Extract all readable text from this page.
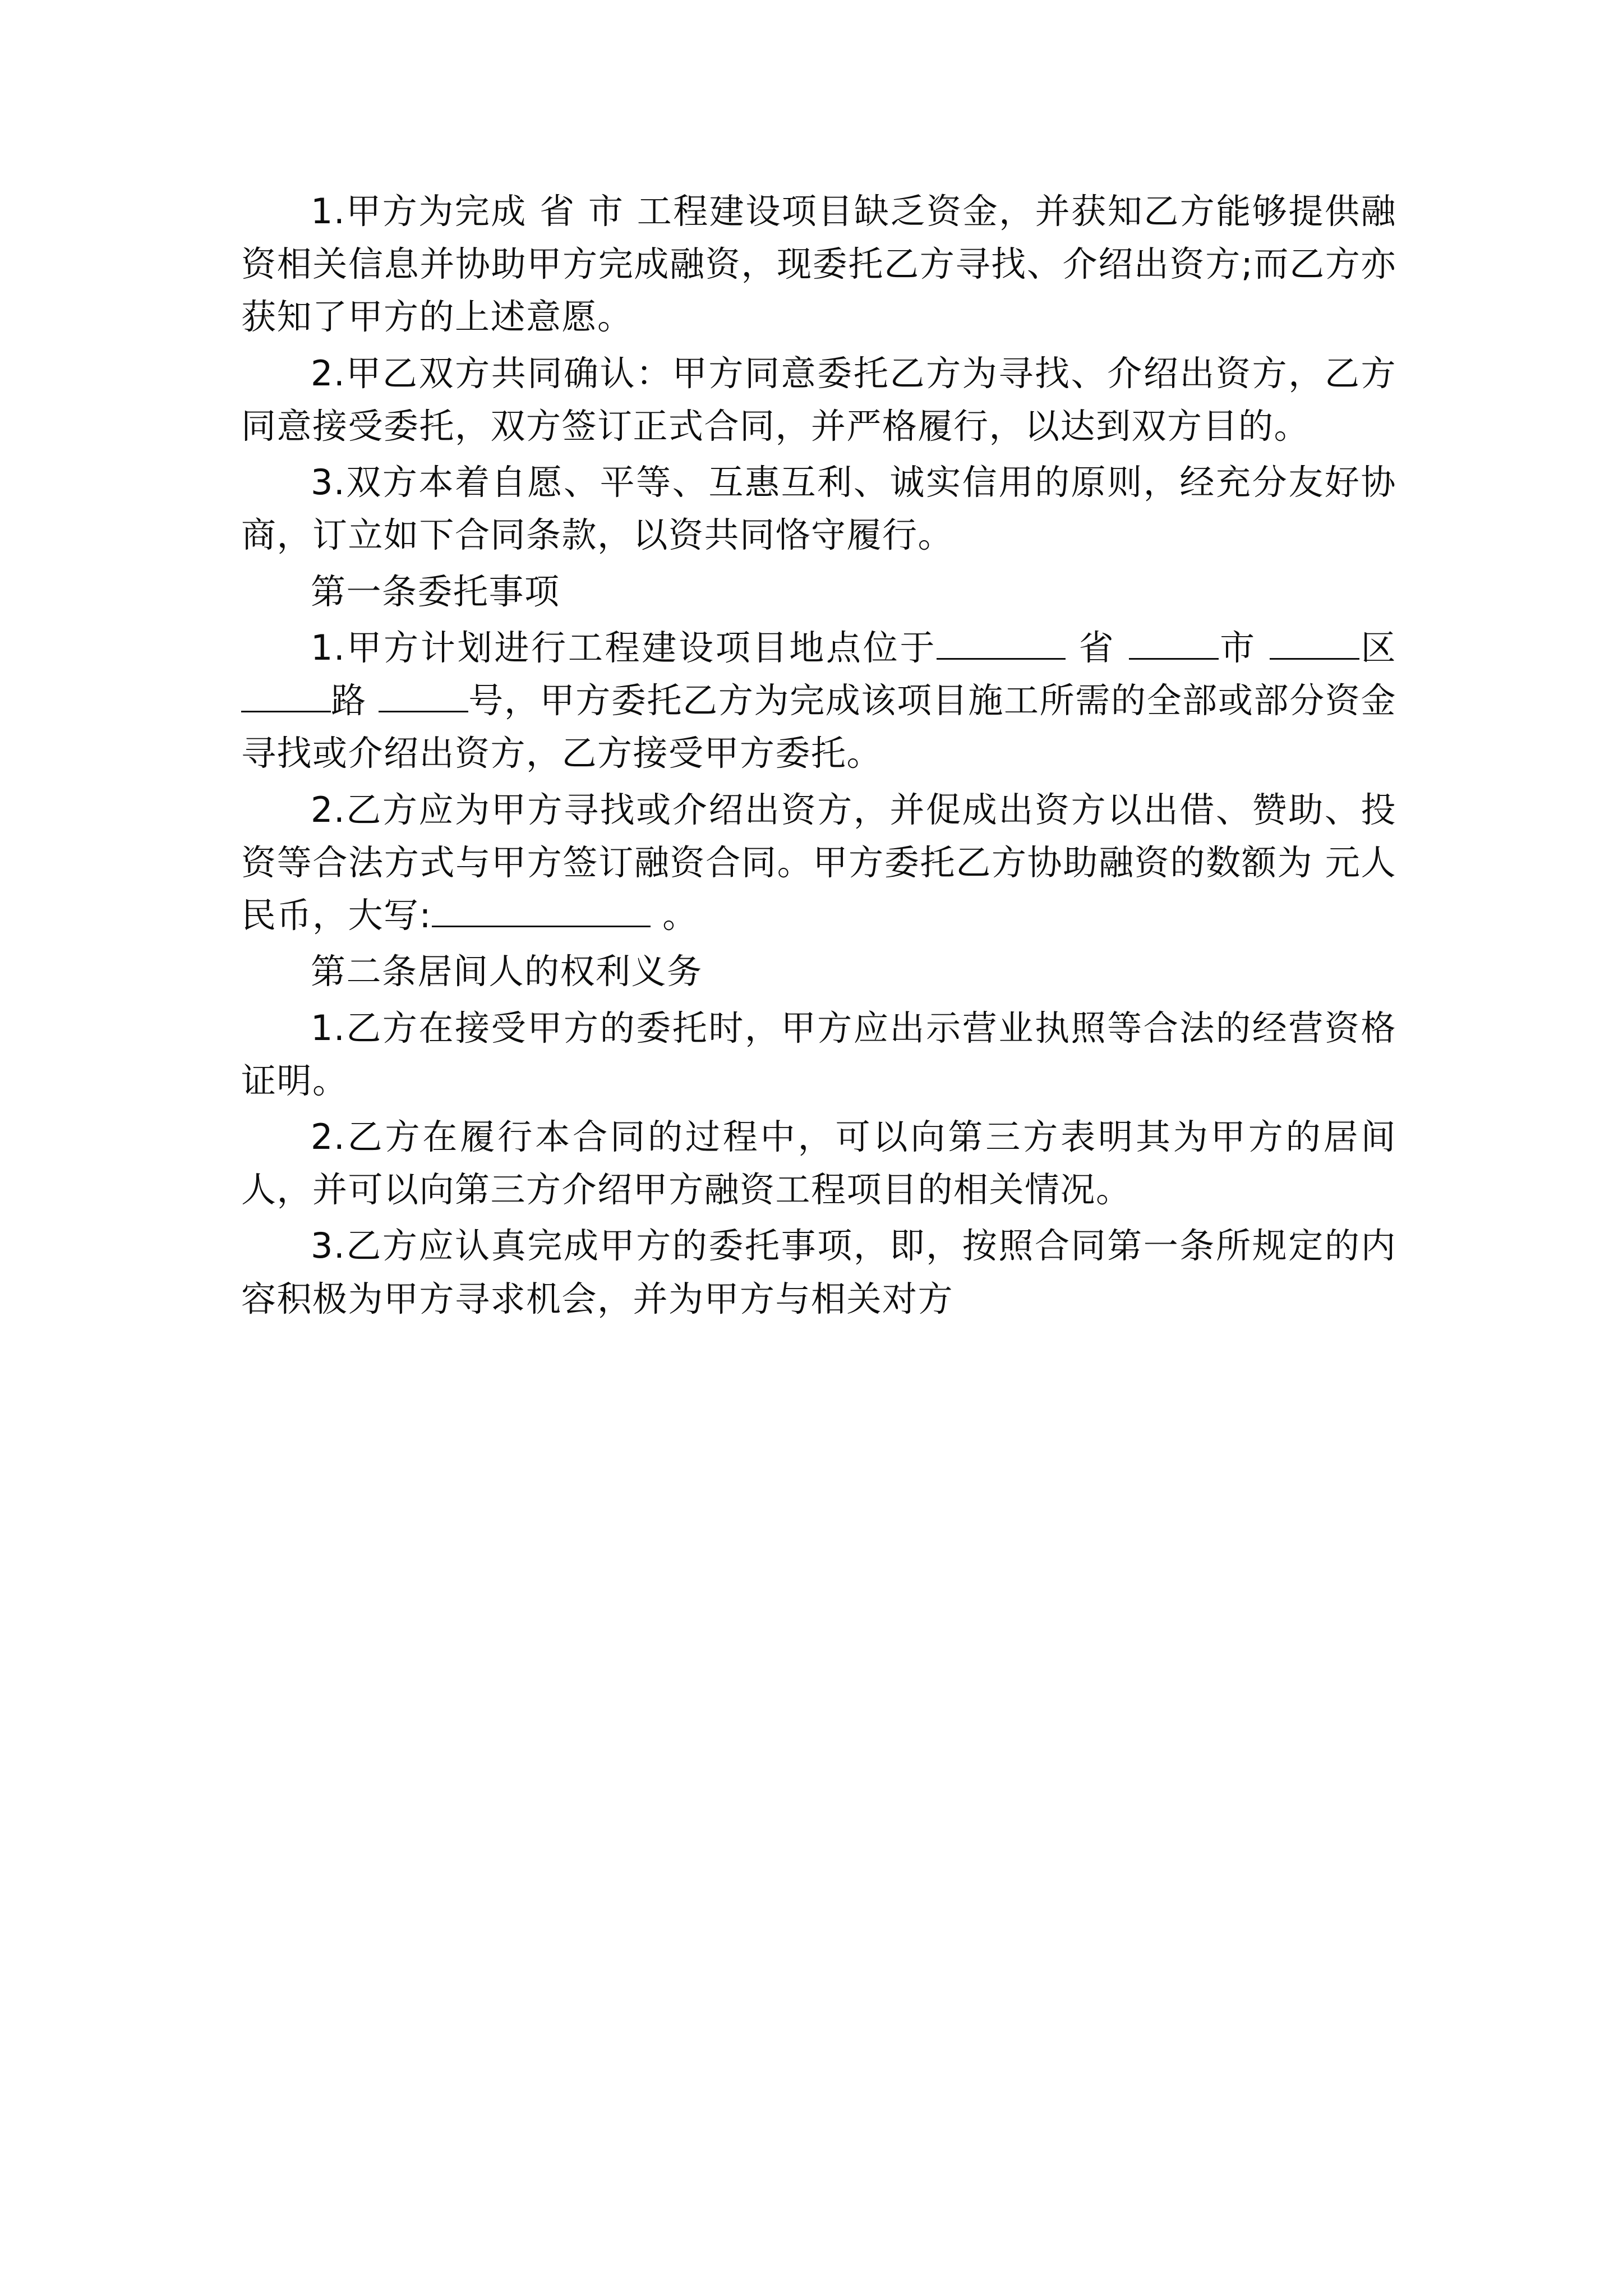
1.甲方为完成 省 市 工程建设项目缺乏资金，并获知乙方能够提供融资相关信息并协助甲方完成融资，现委托乙方寻找、介绍出资方;而乙方亦获知了甲方的上述意愿。

2.甲乙双方共同确认：甲方同意委托乙方为寻找、介绍出资方，乙方同意接受委托，双方签订正式合同，并严格履行，以达到双方目的。

3.双方本着自愿、平等、互惠互利、诚实信用的原则，经充分友好协商，订立如下合同条款，以资共同恪守履行。

第一条委托事项

1.甲方计划进行工程建设项目地点位于	省	市	区 路	号，甲方委托乙方为完成该项目施工所需的全部或部分资金寻找或介绍出资方，乙方接受甲方委托。

2.乙方应为甲方寻找或介绍出资方，并促成出资方以出借、赞助、投资等合法方式与甲方签订融资合同。甲方委托乙方协助融资的数额为 元人民币，大写:	。

第二条居间人的权利义务

1.乙方在接受甲方的委托时，甲方应出示营业执照等合法的经营资格证明。

2.乙方在履行本合同的过程中，可以向第三方表明其为甲方的居间人，并可以向第三方介绍甲方融资工程项目的相关情况。

3.乙方应认真完成甲方的委托事项，即，按照合同第一条所规定的内容积极为甲方寻求机会，并为甲方与相关对方
